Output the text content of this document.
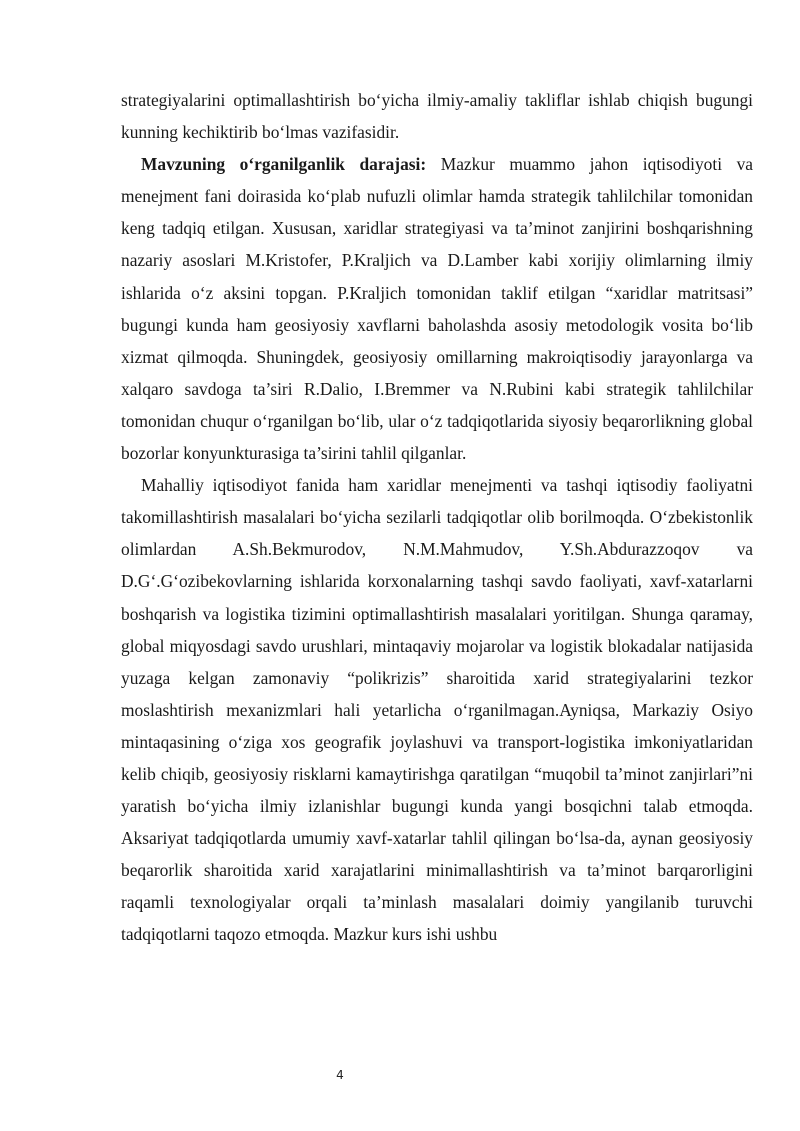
strategiyalarini optimallashtirish bo‘yicha ilmiy-amaliy takliflar ishlab chiqish bugungi kunning kechiktirib bo‘lmas vazifasidir.

Mavzuning o‘rganilganlik darajasi: Mazkur muammo jahon iqtisodiyoti va menejment fani doirasida ko‘plab nufuzli olimlar hamda strategik tahlilchilar tomonidan keng tadqiq etilgan. Xususan, xaridlar strategiyasi va ta’minot zanjirini boshqarishning nazariy asoslari M.Kristofer, P.Kraljich va D.Lamber kabi xorijiy olimlarning ilmiy ishlarida o‘z aksini topgan. P.Kraljich tomonidan taklif etilgan “xaridlar matritsasi” bugungi kunda ham geosiyosiy xavflarni baholashda asosiy metodologik vosita bo‘lib xizmat qilmoqda. Shuningdek, geosiyosiy omillarning makroiqtisodiy jarayonlarga va xalqaro savdoga ta’siri R.Dalio, I.Bremmer va N.Rubini kabi strategik tahlilchilar tomonidan chuqur o‘rganilgan bo‘lib, ular o‘z tadqiqotlarida siyosiy beqarorlikning global bozorlar konyunkturasiga ta’sirini tahlil qilganlar.

Mahalliy iqtisodiyot fanida ham xaridlar menejmenti va tashqi iqtisodiy faoliyatni takomillashtirish masalalari bo‘yicha sezilarli tadqiqotlar olib borilmoqda. O‘zbekistonlik olimlardan A.Sh.Bekmurodov, N.M.Mahmudov, Y.Sh.Abdurazzoqov va D.G‘.G‘ozibekovlarning ishlarida korxonalarning tashqi savdo faoliyati, xavf-xatarlarni boshqarish va logistika tizimini optimallashtirish masalalari yoritilgan. Shunga qaramay, global miqyosdagi savdo urushlari, mintaqaviy mojarolar va logistik blokadalar natijasida yuzaga kelgan zamonaviy “polikrizis” sharoitida xarid strategiyalarini tezkor moslashtirish mexanizmlari hali yetarlicha o‘rganilmagan.Ayniqsa, Markaziy Osiyo mintaqasining o‘ziga xos geografik joylashuvi va transport-logistika imkoniyatlaridan kelib chiqib, geosiyosiy risklarni kamaytirishga qaratilgan “muqobil ta’minot zanjirlari”ni yaratish bo‘yicha ilmiy izlanishlar bugungi kunda yangi bosqichni talab etmoqda. Aksariyat tadqiqotlarda umumiy xavf-xatarlar tahlil qilingan bo‘lsa-da, aynan geosiyosiy beqarorlik sharoitida xarid xarajatlarini minimallashtirish va ta’minot barqarorligini raqamli texnologiyalar orqali ta’minlash masalalari doimiy yangilanib turuvchi tadqiqotlarni taqozo etmoqda. Mazkur kurs ishi ushbu

4
